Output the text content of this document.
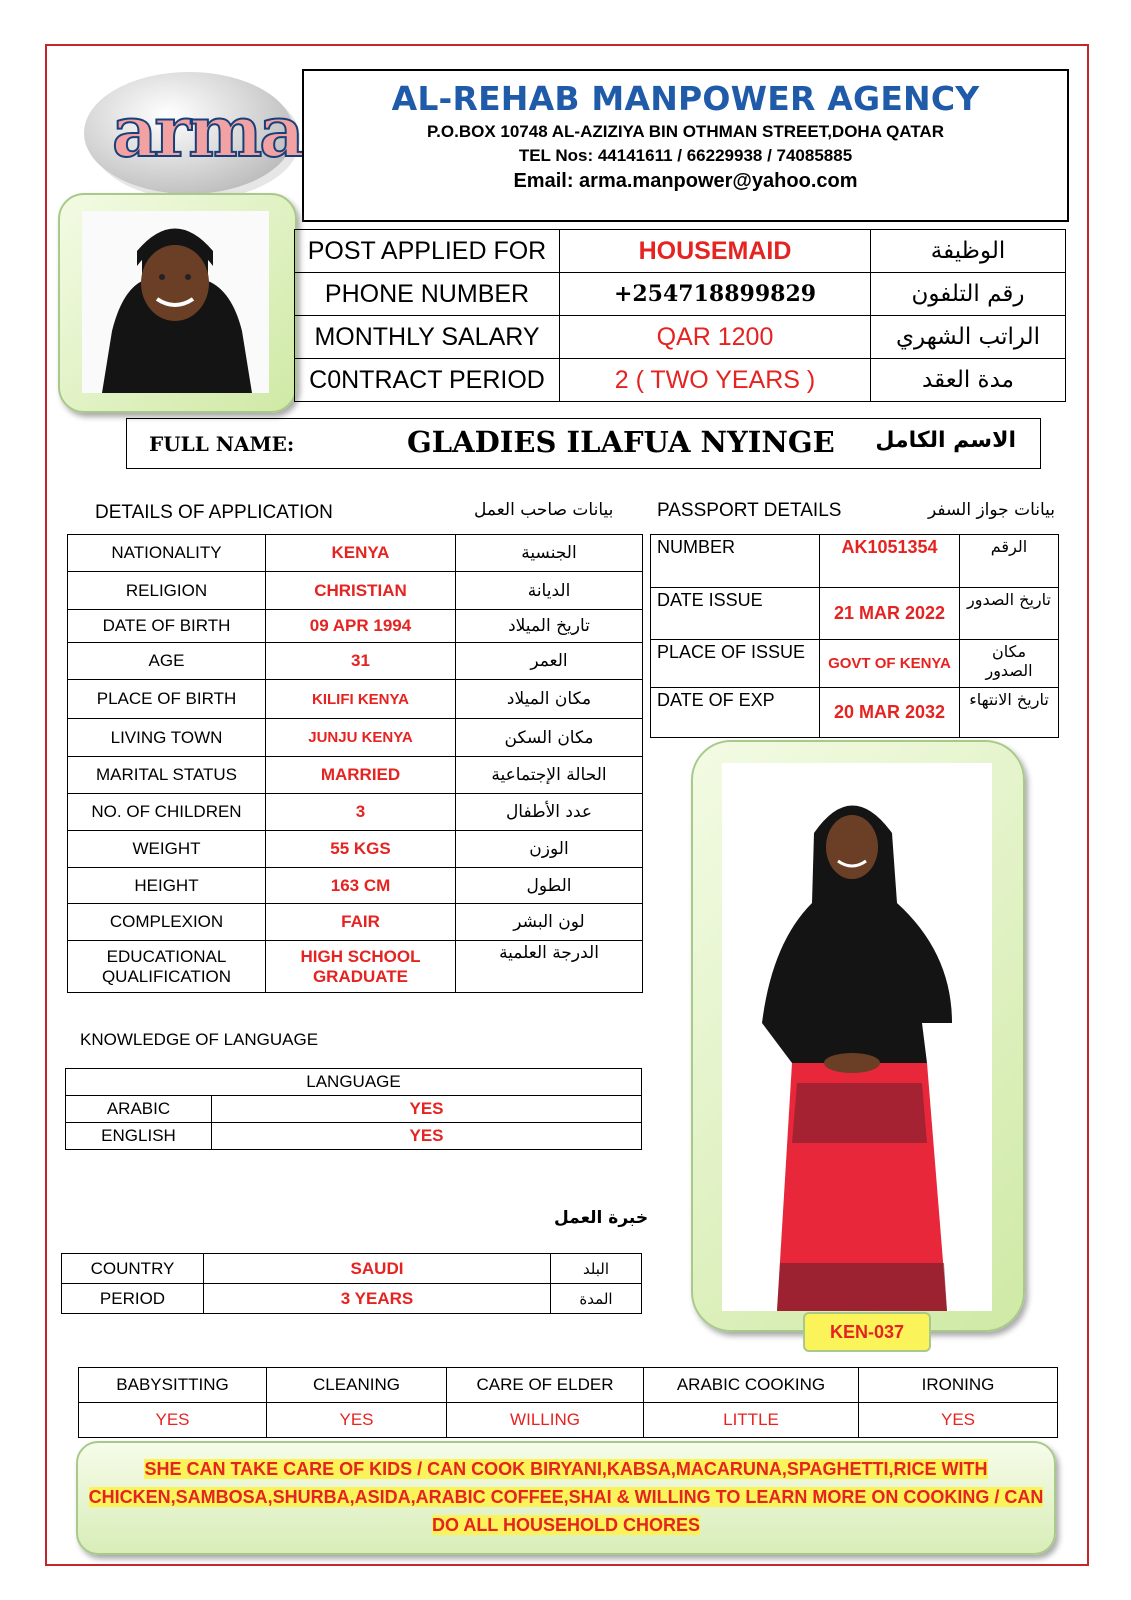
arma	AL-REHAB MANPOWER AGENCY
P.O.BOX 10748 AL-AZIZIYA BIN OTHMAN STREET,DOHA QATAR
TEL Nos: 44141611 / 66229938 / 74085885
Email: arma.manpower@yahoo.com
POST APPLIED FOR	HOUSEMAID	الوظيفة
PHONE NUMBER	+254718899829	رقم التلفون
MONTHLY SALARY	QAR 1200	الراتب الشهري
C0NTRACT PERIOD	2 ( TWO YEARS )	مدة العقد
FULL NAME:	GLADIES ILAFUA NYINGE الاسم الكامل
DETAILS OF APPLICATION	بيانات صاحب العمل PASSPORT DETAILS	بيانات جواز السفر
NATIONALITY	KENYA	الجنسية
RELIGION	CHRISTIAN	الديانة
DATE OF BIRTH	09 APR 1994	تاريخ الميلاد
AGE	31	العمر
PLACE OF BIRTH	KILIFI KENYA	مكان الميلاد
LIVING TOWN	JUNJU KENYA	مكان السكن
MARITAL STATUS	MARRIED	الحالة الإجتماعية
NO. OF CHILDREN	3	عدد الأطفال
WEIGHT	55 KGS	الوزن
HEIGHT	163 CM	الطول
COMPLEXION	FAIR	لون البشر
EDUCATIONAL QUALIFICATION	HIGH SCHOOL GRADUATE	الدرجة العلمية
NUMBER	AK1051354	الرقم
DATE ISSUE	21 MAR 2022	تاريخ الصدور
PLACE OF ISSUE	GOVT OF KENYA	مكان الصدور
DATE OF EXP	20 MAR 2032	تاريخ الانتهاء
KEN-037
KNOWLEDGE OF LANGUAGE
LANGUAGE	
ARABIC	YES
ENGLISH	YES
خبرة العمل
COUNTRY	SAUDI	البلد
PERIOD	3 YEARS	المدة
BABYSITTING	CLEANING	CARE OF ELDER	ARABIC COOKING	IRONING
YES	YES	WILLING	LITTLE	YES
SHE CAN TAKE CARE OF KIDS / CAN COOK BIRYANI,KABSA,MACARUNA,SPAGHETTI,RICE WITH
CHICKEN,SAMBOSA,SHURBA,ASIDA,ARABIC COFFEE,SHAI & WILLING TO LEARN MORE ON COOKING / CAN
DO ALL HOUSEHOLD CHORES
